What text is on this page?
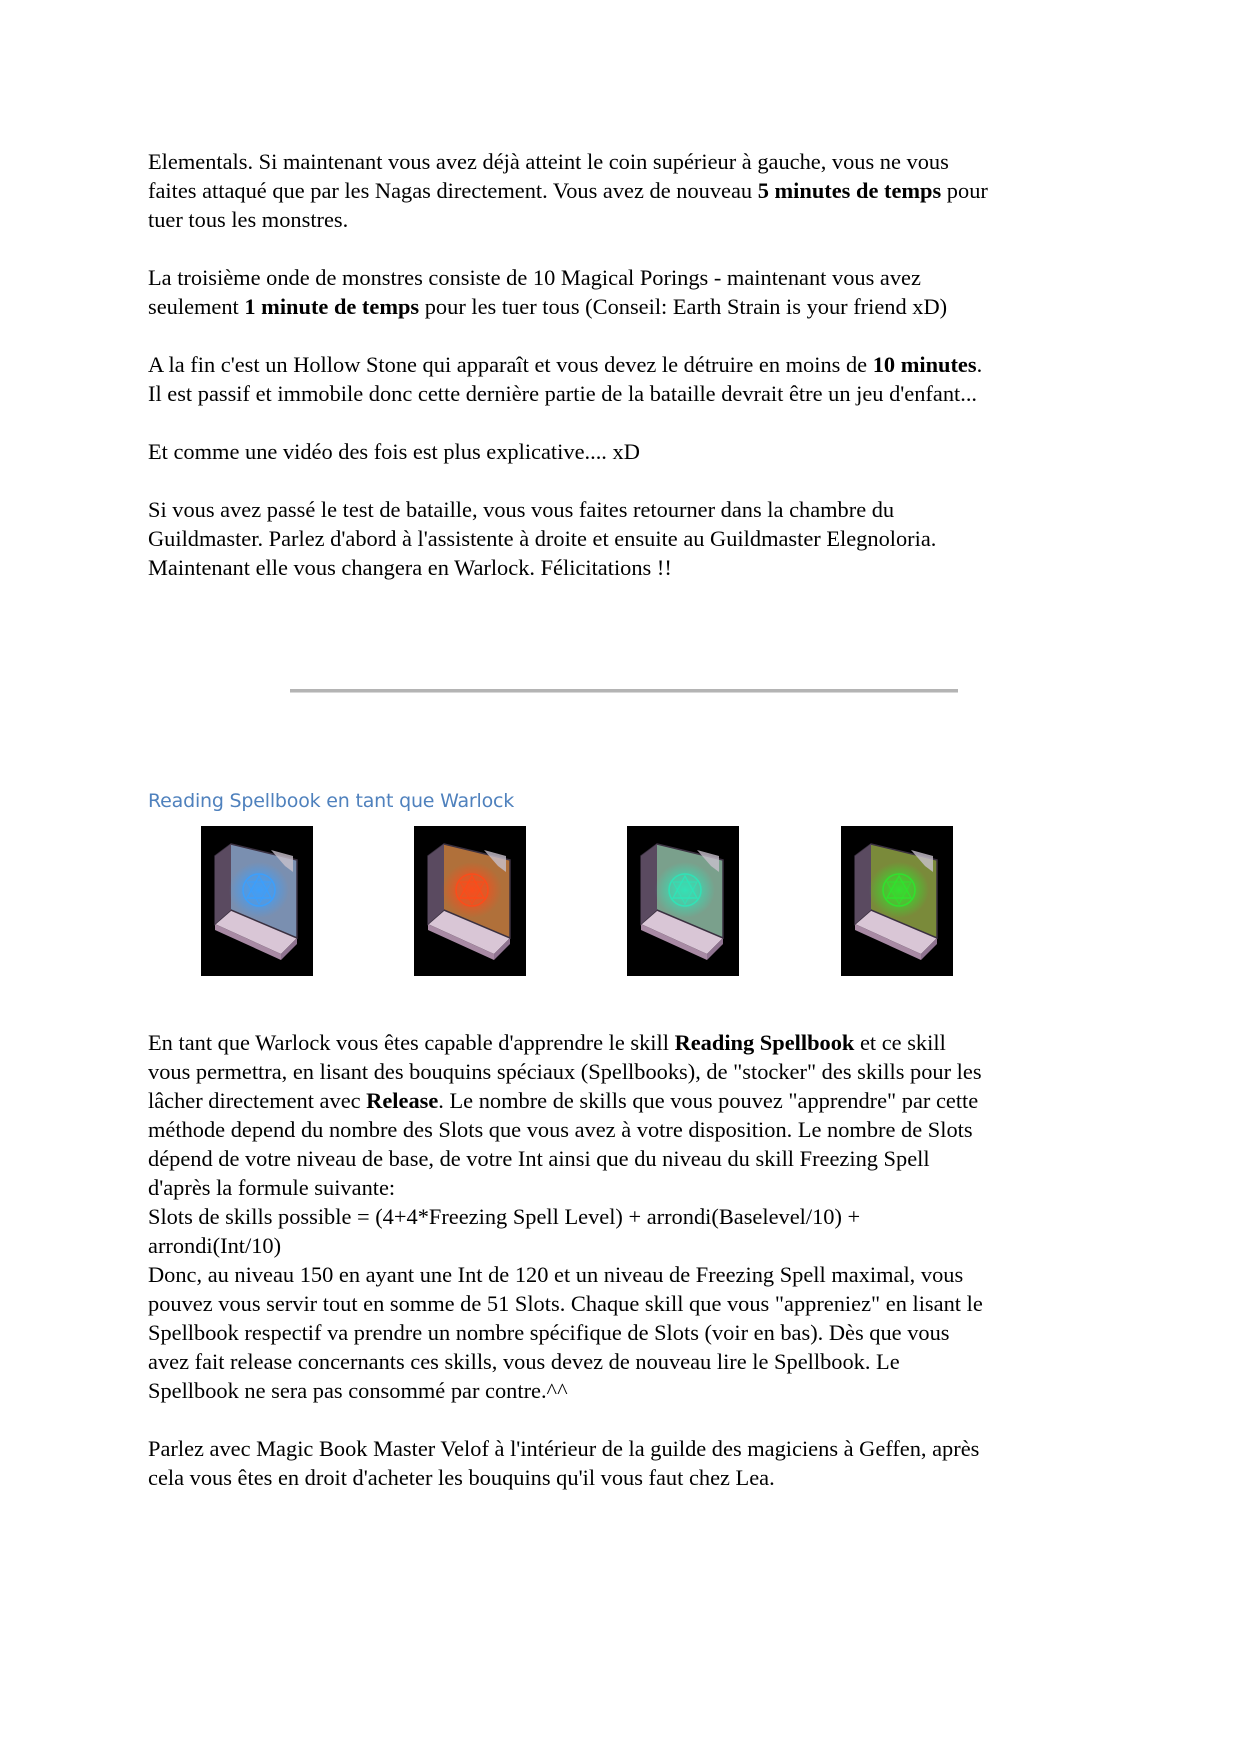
Elementals. Si maintenant vous avez déjà atteint le coin supérieur à gauche, vous ne vous
faites attaqué que par les Nagas directement. Vous avez de nouveau 5 minutes de temps pour
tuer tous les monstres.
La troisième onde de monstres consiste de 10 Magical Porings - maintenant vous avez
seulement 1 minute de temps pour les tuer tous (Conseil: Earth Strain is your friend xD)
A la fin c'est un Hollow Stone qui apparaît et vous devez le détruire en moins de 10 minutes.
Il est passif et immobile donc cette dernière partie de la bataille devrait être un jeu d'enfant...
Et comme une vidéo des fois est plus explicative.... xD
Si vous avez passé le test de bataille, vous vous faites retourner dans la chambre du
Guildmaster. Parlez d'abord à l'assistente à droite et ensuite au Guildmaster Elegnoloria.
Maintenant elle vous changera en Warlock. Félicitations !!
Reading Spellbook en tant que Warlock
En tant que Warlock vous êtes capable d'apprendre le skill Reading Spellbook et ce skill
vous permettra, en lisant des bouquins spéciaux (Spellbooks), de "stocker" des skills pour les
lâcher directement avec Release. Le nombre de skills que vous pouvez "apprendre" par cette
méthode depend du nombre des Slots que vous avez à votre disposition. Le nombre de Slots
dépend de votre niveau de base, de votre Int ainsi que du niveau du skill Freezing Spell
d'après la formule suivante:
Slots de skills possible = (4+4*Freezing Spell Level) + arrondi(Baselevel/10) +
arrondi(Int/10)
Donc, au niveau 150 en ayant une Int de 120 et un niveau de Freezing Spell maximal, vous
pouvez vous servir tout en somme de 51 Slots. Chaque skill que vous "appreniez" en lisant le
Spellbook respectif va prendre un nombre spécifique de Slots (voir en bas). Dès que vous
avez fait release concernants ces skills, vous devez de nouveau lire le Spellbook. Le
Spellbook ne sera pas consommé par contre.^^
Parlez avec Magic Book Master Velof à l'intérieur de la guilde des magiciens à Geffen, après
cela vous êtes en droit d'acheter les bouquins qu'il vous faut chez Lea.
